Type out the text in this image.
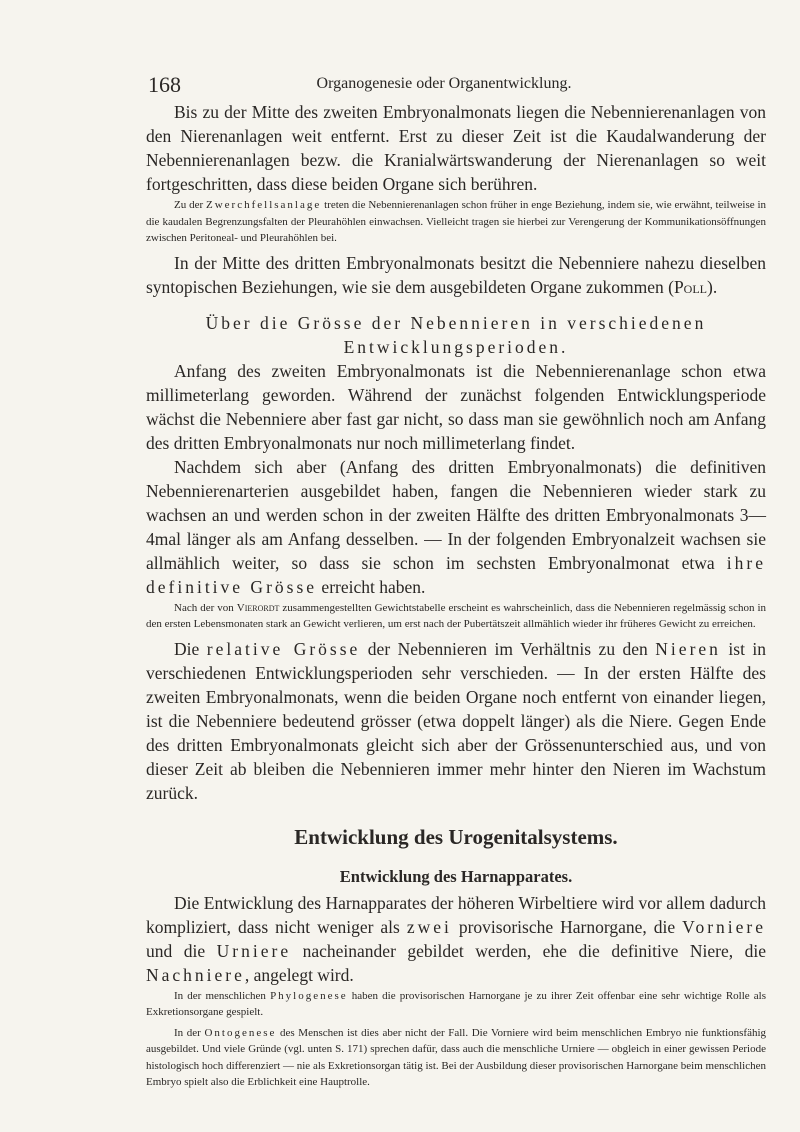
168	Organogenesie oder Organentwicklung.

Bis zu der Mitte des zweiten Embryonalmonats liegen die Nebennierenanlagen von den Nierenanlagen weit entfernt. Erst zu dieser Zeit ist die Kaudalwanderung der Nebennierenanlagen bezw. die Kranialwärtswanderung der Nierenanlagen so weit fortgeschritten, dass diese beiden Organe sich berühren.

Zu der Zwerchfellsanlage treten die Nebennierenanlagen schon früher in enge Beziehung, indem sie, wie erwähnt, teilweise in die kaudalen Begrenzungsfalten der Pleurahöhlen einwachsen. Vielleicht tragen sie hierbei zur Verengerung der Kommunikationsöffnungen zwischen Peritoneal- und Pleurahöhlen bei.

In der Mitte des dritten Embryonalmonats besitzt die Nebenniere nahezu dieselben syntopischen Beziehungen, wie sie dem ausgebildeten Organe zukommen (Poll).

Über die Grösse der Nebennieren in verschiedenen Entwicklungsperioden.

Anfang des zweiten Embryonalmonats ist die Nebennierenanlage schon etwa millimeterlang geworden. Während der zunächst folgenden Entwicklungsperiode wächst die Nebenniere aber fast gar nicht, so dass man sie gewöhnlich noch am Anfang des dritten Embryonalmonats nur noch millimeterlang findet.

Nachdem sich aber (Anfang des dritten Embryonalmonats) die definitiven Nebennierenarterien ausgebildet haben, fangen die Nebennieren wieder stark zu wachsen an und werden schon in der zweiten Hälfte des dritten Embryonalmonats 3—4mal länger als am Anfang desselben. — In der folgenden Embryonalzeit wachsen sie allmählich weiter, so dass sie schon im sechsten Embryonalmonat etwa ihre definitive Grösse erreicht haben.

Nach der von Vierordt zusammengestellten Gewichtstabelle erscheint es wahrscheinlich, dass die Nebennieren regelmässig schon in den ersten Lebensmonaten stark an Gewicht verlieren, um erst nach der Pubertätszeit allmählich wieder ihr früheres Gewicht zu erreichen.

Die relative Grösse der Nebennieren im Verhältnis zu den Nieren ist in verschiedenen Entwicklungsperioden sehr verschieden. — In der ersten Hälfte des zweiten Embryonalmonats, wenn die beiden Organe noch entfernt von einander liegen, ist die Nebenniere bedeutend grösser (etwa doppelt länger) als die Niere. Gegen Ende des dritten Embryonalmonats gleicht sich aber der Grössenunterschied aus, und von dieser Zeit ab bleiben die Nebennieren immer mehr hinter den Nieren im Wachstum zurück.

Entwicklung des Urogenitalsystems.
Entwicklung des Harnapparates.

Die Entwicklung des Harnapparates der höheren Wirbeltiere wird vor allem dadurch kompliziert, dass nicht weniger als zwei provisorische Harnorgane, die Vorniere und die Urniere nacheinander gebildet werden, ehe die definitive Niere, die Nachniere, angelegt wird.

In der menschlichen Phylogenese haben die provisorischen Harnorgane je zu ihrer Zeit offenbar eine sehr wichtige Rolle als Exkretionsorgane gespielt.

In der Ontogenese des Menschen ist dies aber nicht der Fall. Die Vorniere wird beim menschlichen Embryo nie funktionsfähig ausgebildet. Und viele Gründe (vgl. unten S. 171) sprechen dafür, dass auch die menschliche Urniere — obgleich in einer gewissen Periode histologisch hoch differenziert — nie als Exkretionsorgan tätig ist. Bei der Ausbildung dieser provisorischen Harnorgane beim menschlichen Embryo spielt also die Erblichkeit eine Hauptrolle.
